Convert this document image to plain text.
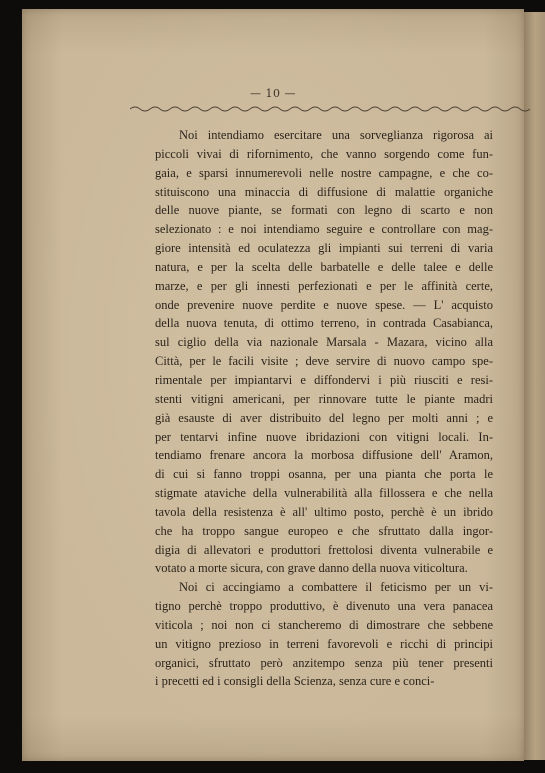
— 10 —
Noi intendiamo esercitare una sorveglianza rigorosa ai
piccoli vivai di rifornimento, che vanno sorgendo come fun-
gaia, e sparsi innumerevoli nelle nostre campagne, e che co-
stituiscono una minaccia di diffusione di malattie organiche
delle nuove piante, se formati con legno di scarto e non
selezionato : e noi intendiamo seguire e controllare con mag-
giore intensità ed oculatezza gli impianti sui terreni di varia
natura, e per la scelta delle barbatelle e delle talee e delle
marze, e per gli innesti perfezionati e per le affinità certe,
onde prevenire nuove perdite e nuove spese. — L' acquisto
della nuova tenuta, di ottimo terreno, in contrada Casabianca,
sul ciglio della via nazionale Marsala - Mazara, vicino alla
Città, per le facili visite ; deve servire di nuovo campo spe-
rimentale per impiantarvi e diffondervi i più riusciti e resi-
stenti vitigni americani, per rinnovare tutte le piante madri
già esauste di aver distribuito del legno per molti anni ; e
per tentarvi infine nuove ibridazioni con vitigni locali. In-
tendiamo frenare ancora la morbosa diffusione dell' Aramon,
di cui si fanno troppi osanna, per una pianta che porta le
stigmate ataviche della vulnerabilità alla fillossera e che nella
tavola della resistenza è all' ultimo posto, perchè è un ibrido
che ha troppo sangue europeo e che sfruttato dalla ingor-
digia di allevatori e produttori frettolosi diventa vulnerabile e
votato a morte sicura, con grave danno della nuova viticoltura.
Noi ci accingiamo a combattere il feticismo per un vi-
tigno perchè troppo produttivo, è divenuto una vera panacea
viticola ; noi non ci stancheremo di dimostrare che sebbene
un vitigno prezioso in terreni favorevoli e ricchi di principi
organici, sfruttato però anzitempo senza più tener presenti
i precetti ed i consigli della Scienza, senza cure e conci-
